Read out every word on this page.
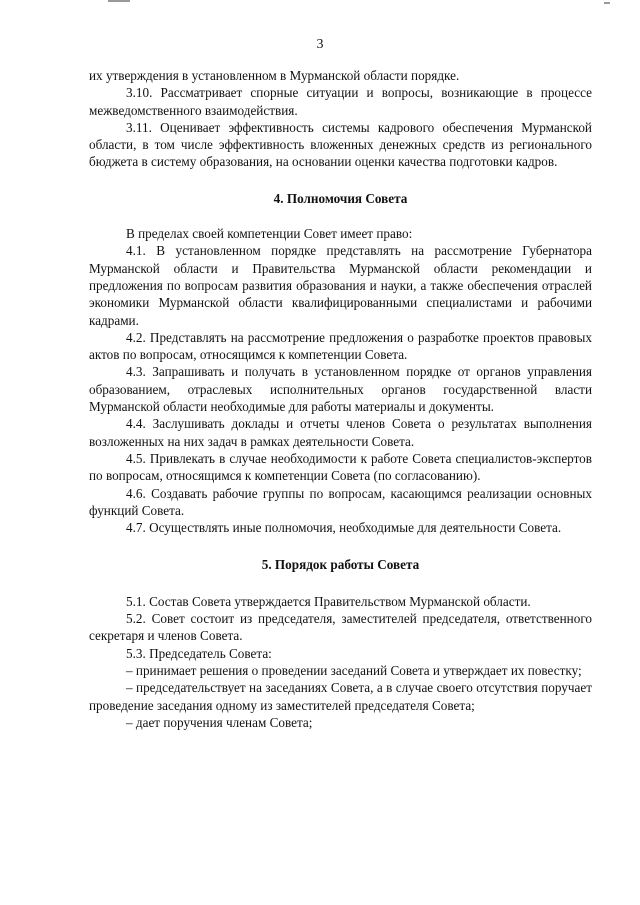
3

их утверждения в установленном в Мурманской области порядке.

3.10. Рассматривает спорные ситуации и вопросы, возникающие в процессе межведомственного взаимодействия.

3.11. Оценивает эффективность системы кадрового обеспечения Мурманской области, в том числе эффективность вложенных денежных средств из регионального бюджета в систему образования, на основании оценки качества подготовки кадров.

4. Полномочия Совета

В пределах своей компетенции Совет имеет право:

4.1. В установленном порядке представлять на рассмотрение Губернатора Мурманской области и Правительства Мурманской области рекомендации и предложения по вопросам развития образования и науки, а также обеспечения отраслей экономики Мурманской области квалифицированными специалистами и рабочими кадрами.

4.2. Представлять на рассмотрение предложения о разработке проектов правовых актов по вопросам, относящимся к компетенции Совета.

4.3. Запрашивать и получать в установленном порядке от органов управления образованием, отраслевых исполнительных органов государственной власти Мурманской области необходимые для работы материалы и документы.

4.4. Заслушивать доклады и отчеты членов Совета о результатах выполнения возложенных на них задач в рамках деятельности Совета.

4.5. Привлекать в случае необходимости к работе Совета специалистов-экспертов по вопросам, относящимся к компетенции Совета (по согласованию).

4.6. Создавать рабочие группы по вопросам, касающимся реализации основных функций Совета.

4.7. Осуществлять иные полномочия, необходимые для деятельности Совета.

5. Порядок работы Совета

5.1. Состав Совета утверждается Правительством Мурманской области.

5.2. Совет состоит из председателя, заместителей председателя, ответственного секретаря и членов Совета.

5.3. Председатель Совета:

– принимает решения о проведении заседаний Совета и утверждает их повестку;

– председательствует на заседаниях Совета, а в случае своего отсутствия поручает проведение заседания одному из заместителей председателя Совета;

– дает поручения членам Совета;
